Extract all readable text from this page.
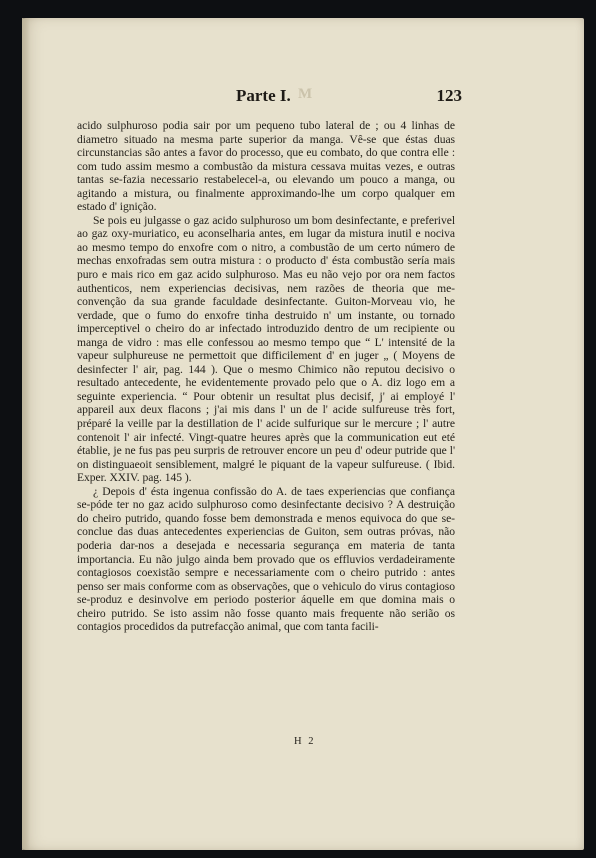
M
Parte I.	123

acido sulphuroso podia sair por um pequeno tubo lateral de ; ou 4 linhas de diametro situado na mesma parte superior da manga. Vê-se que éstas duas circunstancias são antes a favor do processo, que eu combato, do que contra elle : com tudo assim mesmo a combustão da mistura cessava muitas vezes, e outras tantas se-fazia necessario restabelecel-a, ou elevando um pouco a manga, ou agitando a mistura, ou finalmente approximando-lhe um corpo qualquer em estado d' ignição.

Se pois eu julgasse o gaz acido sulphuroso um bom desinfectante, e preferivel ao gaz oxy-muriatico, eu aconselharia antes, em lugar da mistura inutil e nociva ao mesmo tempo do enxofre com o nitro, a combustão de um certo número de mechas enxofradas sem outra mistura : o producto d' ésta combustão sería mais puro e mais rico em gaz acido sulphuroso. Mas eu não vejo por ora nem factos authenticos, nem experiencias decisivas, nem razões de theoria que me-convenção da sua grande faculdade desinfectante. Guiton-Morveau vio, he verdade, que o fumo do enxofre tinha destruido n' um instante, ou tornado imperceptivel o cheiro do ar infectado introduzido dentro de um recipiente ou manga de vidro : mas elle confessou ao mesmo tempo que “ L' intensité de la vapeur sulphureuse ne permettoit que difficilement d' en juger „ ( Moyens de desinfecter l' air, pag. 144 ). Que o mesmo Chimico não reputou decisivo o resultado antecedente, he evidentemente provado pelo que o A. diz logo em a seguinte experiencia. “ Pour obtenir un resultat plus decisif, j' ai employé l' appareil aux deux flacons ; j'ai mis dans l' un de l' acide sulfureuse très fort, préparé la veille par la destillation de l' acide sulfurique sur le mercure ; l' autre contenoit l' air infecté. Vingt-quatre heures après que la communication eut eté établie, je ne fus pas peu surpris de retrouver encore un peu d' odeur putride que l' on distinguaeoit sensiblement, malgré le piquant de la vapeur sulfureuse. ( Ibid. Exper. XXIV. pag. 145 ).

¿ Depois d' ésta ingenua confissão do A. de taes experiencias que confiança se-póde ter no gaz acido sulphuroso como desinfectante decisivo ? A destruição do cheiro putrido, quando fosse bem demonstrada e menos equivoca do que se-conclue das duas antecedentes experiencias de Guiton, sem outras próvas, não poderia dar-nos a desejada e necessaria segurança em materia de tanta importancia. Eu não julgo ainda bem provado que os effluvios verdadeiramente contagiosos coexistão sempre e necessariamente com o cheiro putrido : antes penso ser mais conforme com as observações, que o vehiculo do virus contagioso se-produz e desinvolve em periodo posterior áquelle em que domina mais o cheiro putrido. Se isto assim não fosse quanto mais frequente não serião os contagios procedidos da putrefacção animal, que com tanta facili-

H 2
